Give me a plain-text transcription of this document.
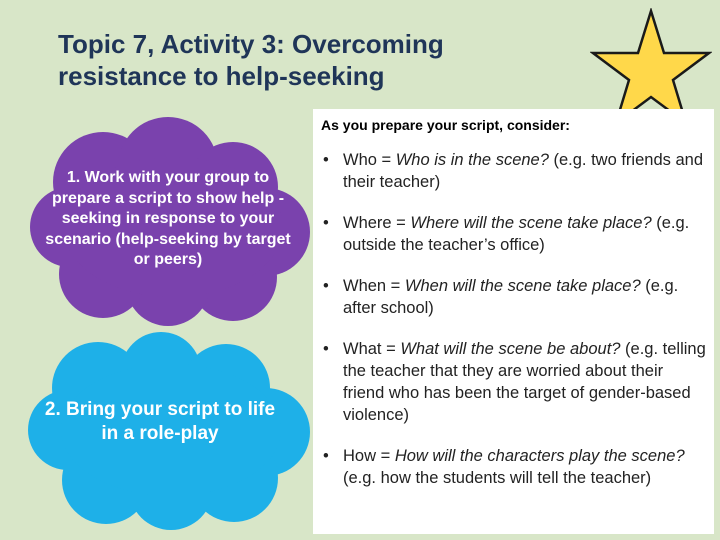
Topic 7, Activity 3: Overcoming
resistance to help-seeking

1. Work with your group to prepare a script to show help -seeking in response to your scenario (help-seeking by target or peers)

2. Bring your script to life in a role-play

As you prepare your script, consider:
• Who = Who is in the scene? (e.g. two friends and their teacher)
• Where = Where will the scene take place? (e.g. outside the teacher’s office)
• When = When will the scene take place? (e.g. after school)
• What = What will the scene be about? (e.g. telling the teacher that they are worried about their friend who has been the target of gender-based violence)
• How = How will the characters play the scene? (e.g. how the students will tell the teacher)
